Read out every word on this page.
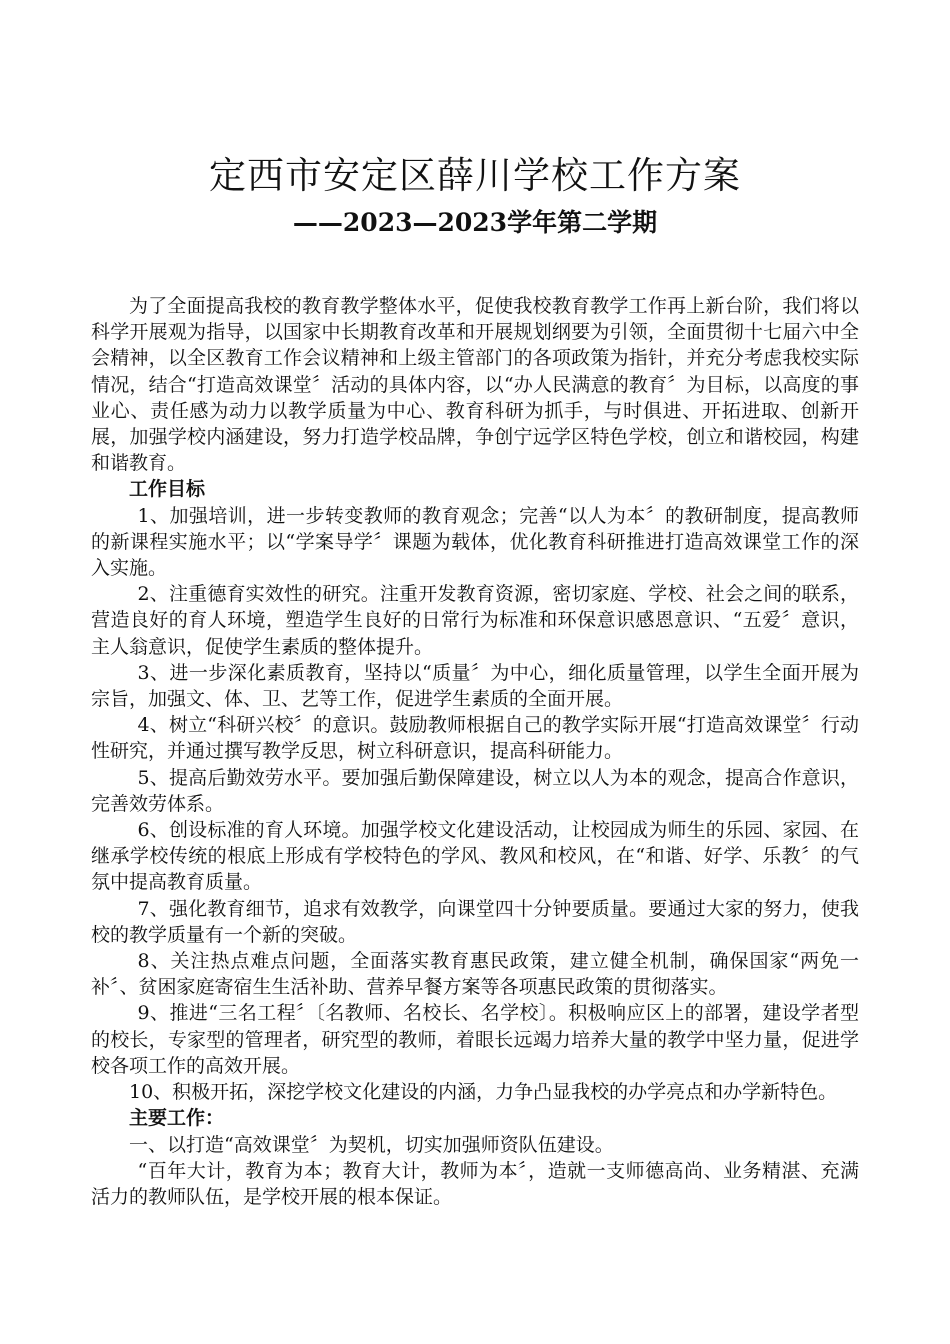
定西市安定区薛川学校工作方案
——2023—2023学年第二学期

为了全面提高我校的教育教学整体水平，促使我校教育教学工作再上新台阶，我们将以科学开展观为指导，以国家中长期教育改革和开展规划纲要为引领，全面贯彻十七届六中全会精神，以全区教育工作会议精神和上级主管部门的各项政策为指针，并充分考虑我校实际情况，结合“打造高效课堂〞活动的具体内容，以“办人民满意的教育〞为目标，以高度的事业心、责任感为动力以教学质量为中心、教育科研为抓手，与时俱进、开拓进取、创新开展，加强学校内涵建设，努力打造学校品牌，争创宁远学区特色学校，创立和谐校园，构建和谐教育。

工作目标

1、加强培训，进一步转变教师的教育观念；完善“以人为本〞的教研制度，提高教师的新课程实施水平；以“学案导学〞课题为载体，优化教育科研推进打造高效课堂工作的深入实施。

2、注重德育实效性的研究。注重开发教育资源，密切家庭、学校、社会之间的联系，营造良好的育人环境，塑造学生良好的日常行为标准和环保意识感恩意识、“五爱〞意识，主人翁意识，促使学生素质的整体提升。

3、进一步深化素质教育，坚持以“质量〞为中心，细化质量管理，以学生全面开展为宗旨，加强文、体、卫、艺等工作，促进学生素质的全面开展。

4、树立“科研兴校〞的意识。鼓励教师根据自己的教学实际开展“打造高效课堂〞行动性研究，并通过撰写教学反思，树立科研意识，提高科研能力。

5、提高后勤效劳水平。要加强后勤保障建设，树立以人为本的观念，提高合作意识，完善效劳体系。

6、创设标准的育人环境。加强学校文化建设活动，让校园成为师生的乐园、家园、在继承学校传统的根底上形成有学校特色的学风、教风和校风，在“和谐、好学、乐教〞的气氛中提高教育质量。

7、强化教育细节，追求有效教学，向课堂四十分钟要质量。要通过大家的努力，使我校的教学质量有一个新的突破。

8、关注热点难点问题，全面落实教育惠民政策，建立健全机制，确保国家“两免一补〞、贫困家庭寄宿生生活补助、营养早餐方案等各项惠民政策的贯彻落实。

9、推进“三名工程〞〔名教师、名校长、名学校〕。积极响应区上的部署，建设学者型的校长，专家型的管理者，研究型的教师，着眼长远竭力培养大量的教学中坚力量，促进学校各项工作的高效开展。

10、积极开拓，深挖学校文化建设的内涵，力争凸显我校的办学亮点和办学新特色。

主要工作：

一、以打造“高效课堂〞为契机，切实加强师资队伍建设。

“百年大计，教育为本；教育大计，教师为本〞，造就一支师德高尚、业务精湛、充满活力的教师队伍，是学校开展的根本保证。
